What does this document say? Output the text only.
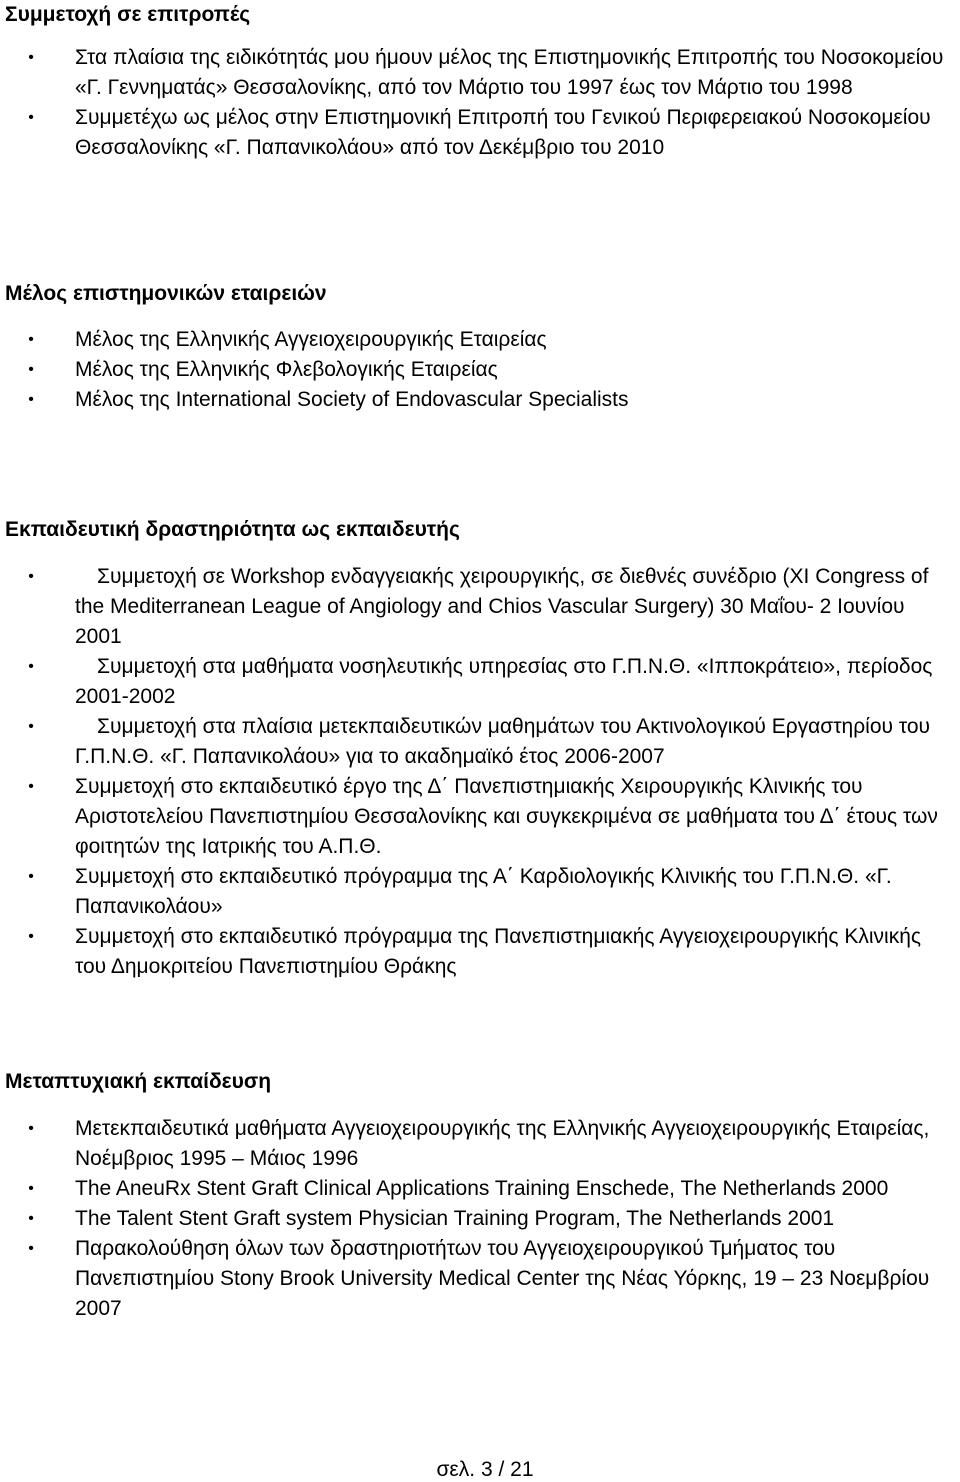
Συμμετοχή σε επιτροπές
• Στα πλαίσια της ειδικότητάς μου ήμουν μέλος της Επιστημονικής Επιτροπής του Νοσοκομείου «Γ. Γεννηματάς» Θεσσαλονίκης, από τον Μάρτιο του 1997 έως τον Μάρτιο του 1998
• Συμμετέχω ως μέλος στην Επιστημονική Επιτροπή του Γενικού Περιφερειακού Νοσοκομείου Θεσσαλονίκης «Γ. Παπανικολάου» από τον Δεκέμβριο του 2010
Μέλος επιστημονικών εταιρειών
• Μέλος της Ελληνικής Αγγειοχειρουργικής Εταιρείας
• Μέλος της Ελληνικής Φλεβολογικής Εταιρείας
• Μέλος της International Society of Endovascular Specialists
Εκπαιδευτική δραστηριότητα ως εκπαιδευτής
•	Συμμετοχή σε Workshop ενδαγγειακής χειρουργικής, σε διεθνές συνέδριο (XI Congress of the Mediterranean League of Angiology and Chios Vascular Surgery) 30 Μαΐου- 2 Ιουνίου 2001
•	Συμμετοχή στα μαθήματα νοσηλευτικής υπηρεσίας στο Γ.Π.Ν.Θ. «Ιπποκράτειο», περίοδος 2001-2002
•	Συμμετοχή στα πλαίσια μετεκπαιδευτικών μαθημάτων του Ακτινολογικού Εργαστηρίου του Γ.Π.Ν.Θ. «Γ. Παπανικολάου» για το ακαδημαϊκό έτος 2006-2007
• Συμμετοχή στο εκπαιδευτικό έργο της Δ΄ Πανεπιστημιακής Χειρουργικής Κλινικής του Αριστοτελείου Πανεπιστημίου Θεσσαλονίκης και συγκεκριμένα σε μαθήματα του Δ΄ έτους των φοιτητών της Ιατρικής του Α.Π.Θ.
• Συμμετοχή στο εκπαιδευτικό πρόγραμμα της Α΄ Καρδιολογικής Κλινικής του Γ.Π.Ν.Θ. «Γ. Παπανικολάου»
• Συμμετοχή στο εκπαιδευτικό πρόγραμμα της Πανεπιστημιακής Αγγειοχειρουργικής Κλινικής του Δημοκριτείου Πανεπιστημίου Θράκης
Μεταπτυχιακή εκπαίδευση
• Μετεκπαιδευτικά μαθήματα Αγγειοχειρουργικής της Ελληνικής Αγγειοχειρουργικής Εταιρείας, Νοέμβριος 1995 – Μάιος 1996
• The AneuRx Stent Graft Clinical Applications Training Enschede, The Netherlands 2000
• The Talent Stent Graft system Physician Training Program, The Netherlands 2001
• Παρακολούθηση όλων των δραστηριοτήτων του Αγγειοχειρουργικού Τμήματος του Πανεπιστημίου Stony Brook University Medical Center της Νέας Υόρκης, 19 – 23 Νοεμβρίου 2007
σελ. 3 / 21
